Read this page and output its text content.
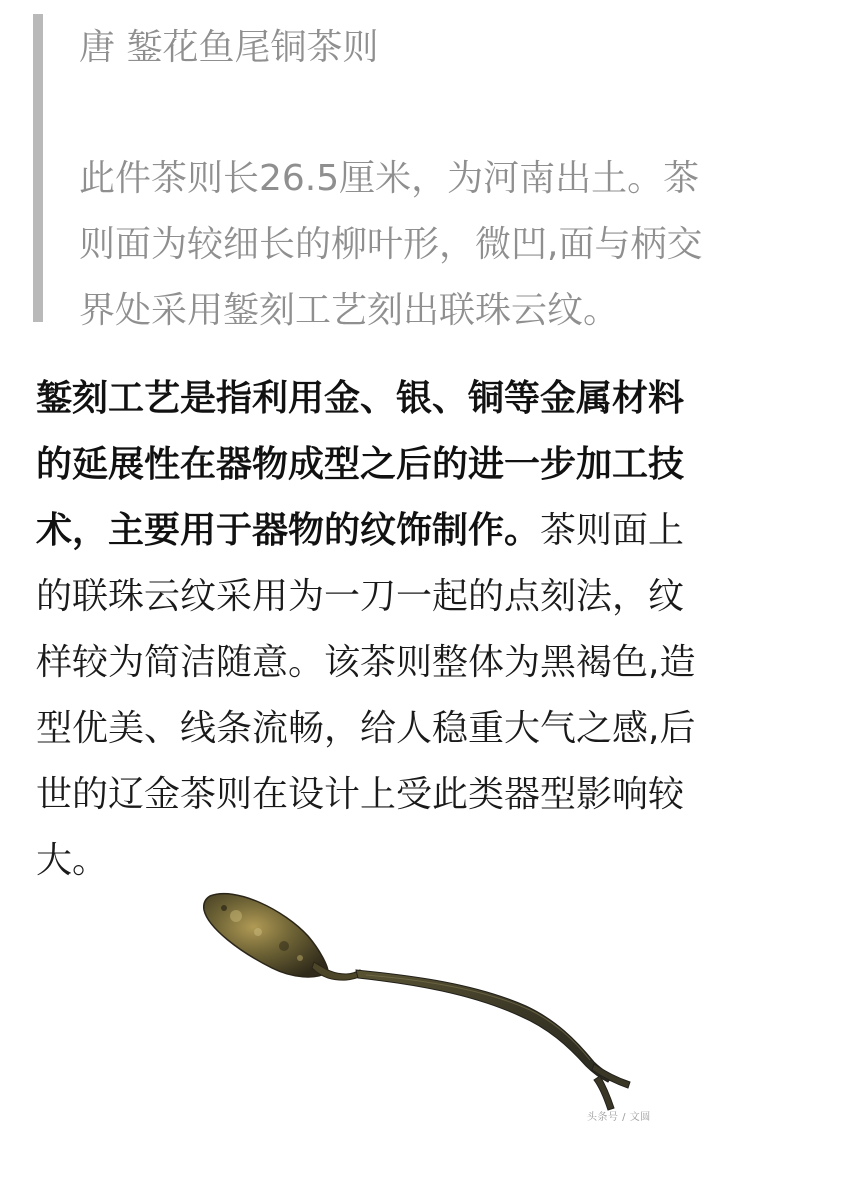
唐 錾花鱼尾铜茶则
此件茶则长26.5厘米，为河南出土。茶
则面为较细长的柳叶形，微凹,面与柄交
界处采用錾刻工艺刻出联珠云纹。
錾刻工艺是指利用金、银、铜等金属材料
的延展性在器物成型之后的进一步加工技
术，主要用于器物的纹饰制作。茶则面上
的联珠云纹采用为一刀一起的点刻法，纹
样较为简洁随意。该茶则整体为黑褐色,造
型优美、线条流畅，给人稳重大气之感,后
世的辽金茶则在设计上受此类器型影响较
大。
头条号 / 文圆
